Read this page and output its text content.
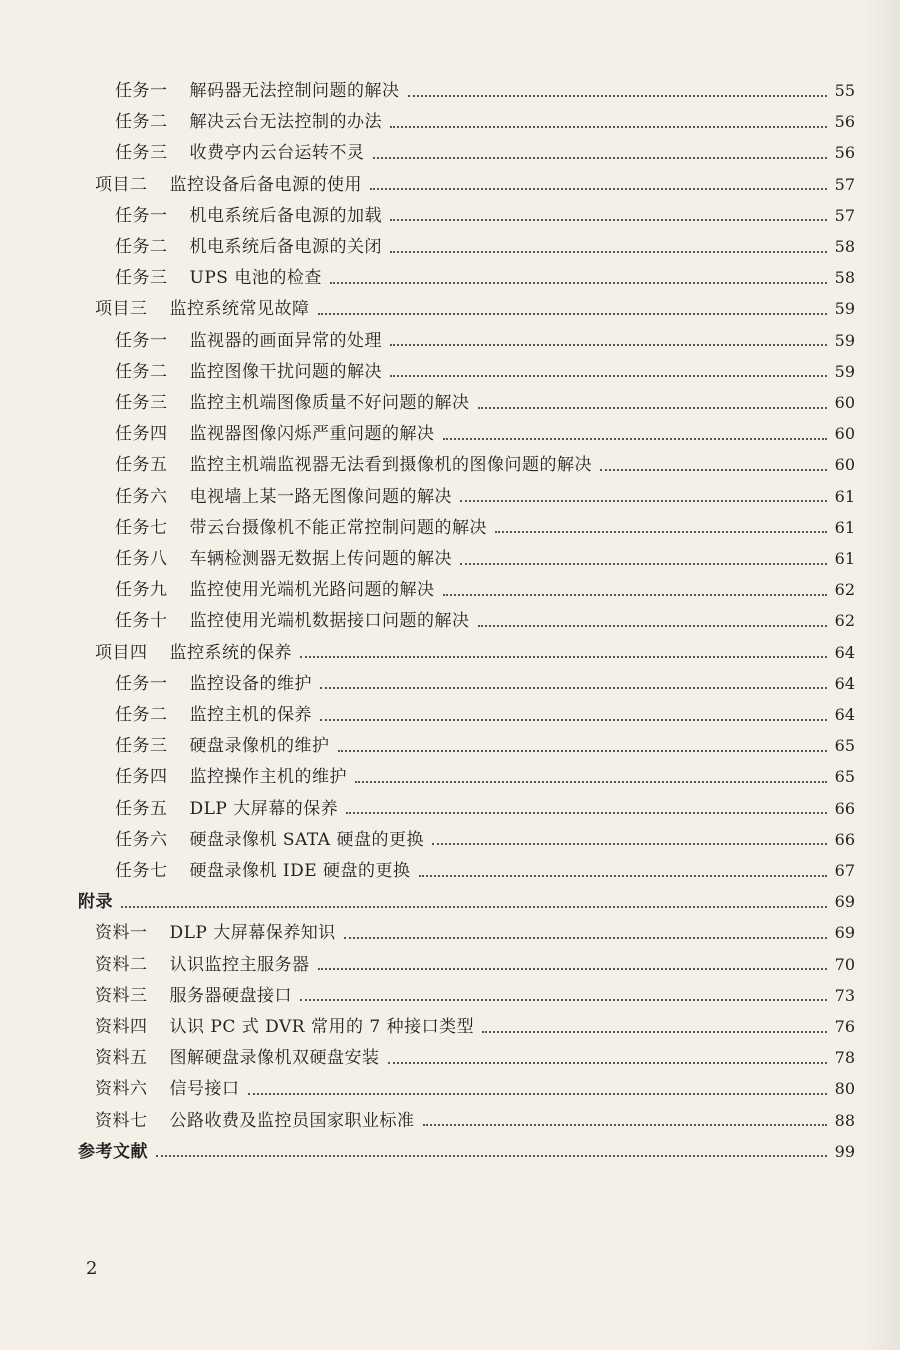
任务一 解码器无法控制问题的解决	55
任务二 解决云台无法控制的办法	56
任务三 收费亭内云台运转不灵	56
项目二 监控设备后备电源的使用	57
任务一 机电系统后备电源的加载	57
任务二 机电系统后备电源的关闭	58
任务三 UPS 电池的检查	58
项目三 监控系统常见故障	59
任务一 监视器的画面异常的处理	59
任务二 监控图像干扰问题的解决	59
任务三 监控主机端图像质量不好问题的解决	60
任务四 监视器图像闪烁严重问题的解决	60
任务五 监控主机端监视器无法看到摄像机的图像问题的解决	60
任务六 电视墙上某一路无图像问题的解决	61
任务七 带云台摄像机不能正常控制问题的解决	61
任务八 车辆检测器无数据上传问题的解决	61
任务九 监控使用光端机光路问题的解决	62
任务十 监控使用光端机数据接口问题的解决	62
项目四 监控系统的保养	64
任务一 监控设备的维护	64
任务二 监控主机的保养	64
任务三 硬盘录像机的维护	65
任务四 监控操作主机的维护	65
任务五 DLP 大屏幕的保养	66
任务六 硬盘录像机 SATA 硬盘的更换	66
任务七 硬盘录像机 IDE 硬盘的更换	67
附录	69
资料一 DLP 大屏幕保养知识	69
资料二 认识监控主服务器	70
资料三 服务器硬盘接口	73
资料四 认识 PC 式 DVR 常用的 7 种接口类型	76
资料五 图解硬盘录像机双硬盘安装	78
资料六 信号接口	80
资料七 公路收费及监控员国家职业标准	88
参考文献	99
2
